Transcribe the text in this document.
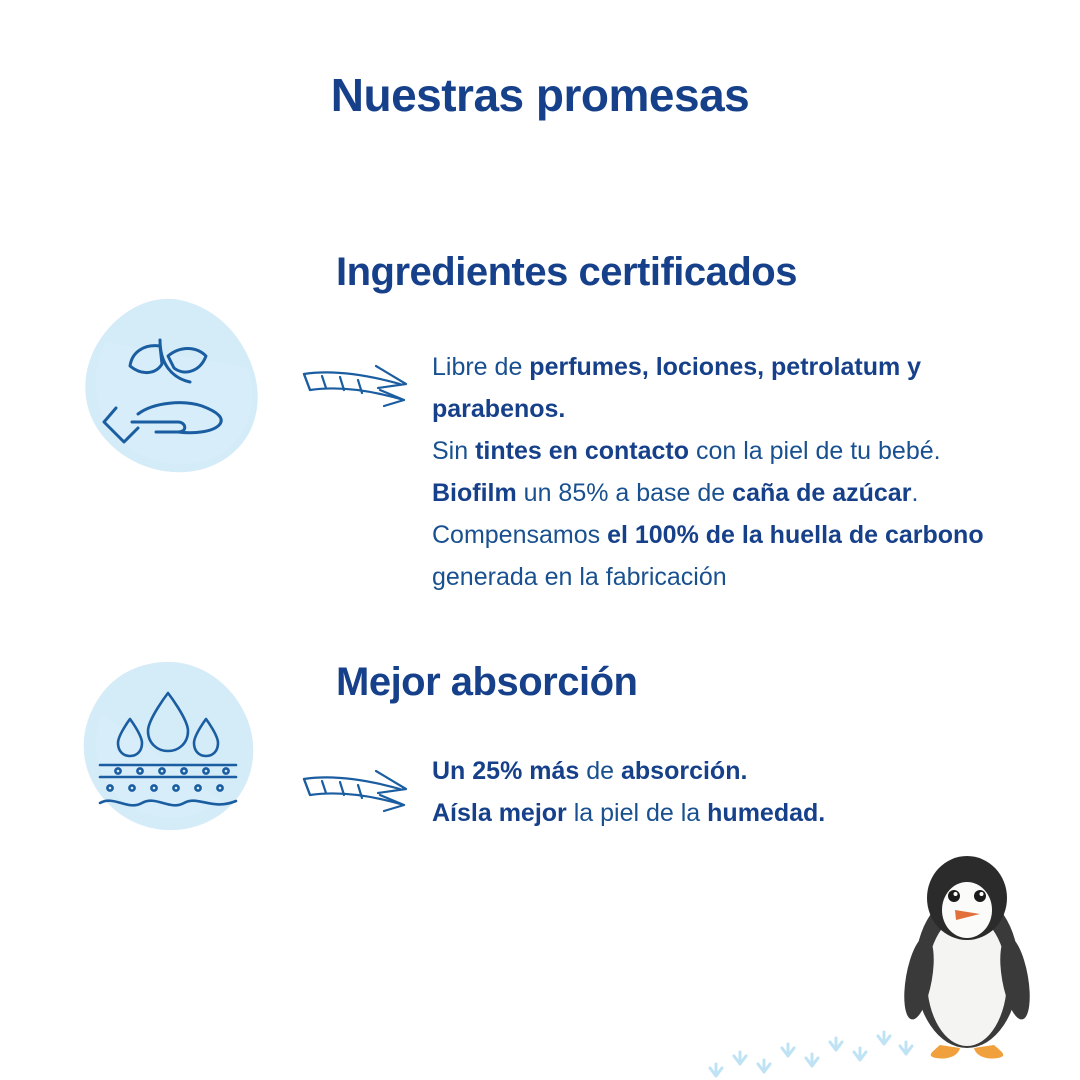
Nuestras promesas
Ingredientes certificados
Libre de perfumes, lociones, petrolatum y parabenos.
Sin tintes en contacto con la piel de tu bebé.
Biofilm un 85% a base de caña de azúcar.
Compensamos el 100% de la huella de carbono generada en la fabricación
Mejor absorción
Un 25% más de absorción.
Aísla mejor la piel de la humedad.
